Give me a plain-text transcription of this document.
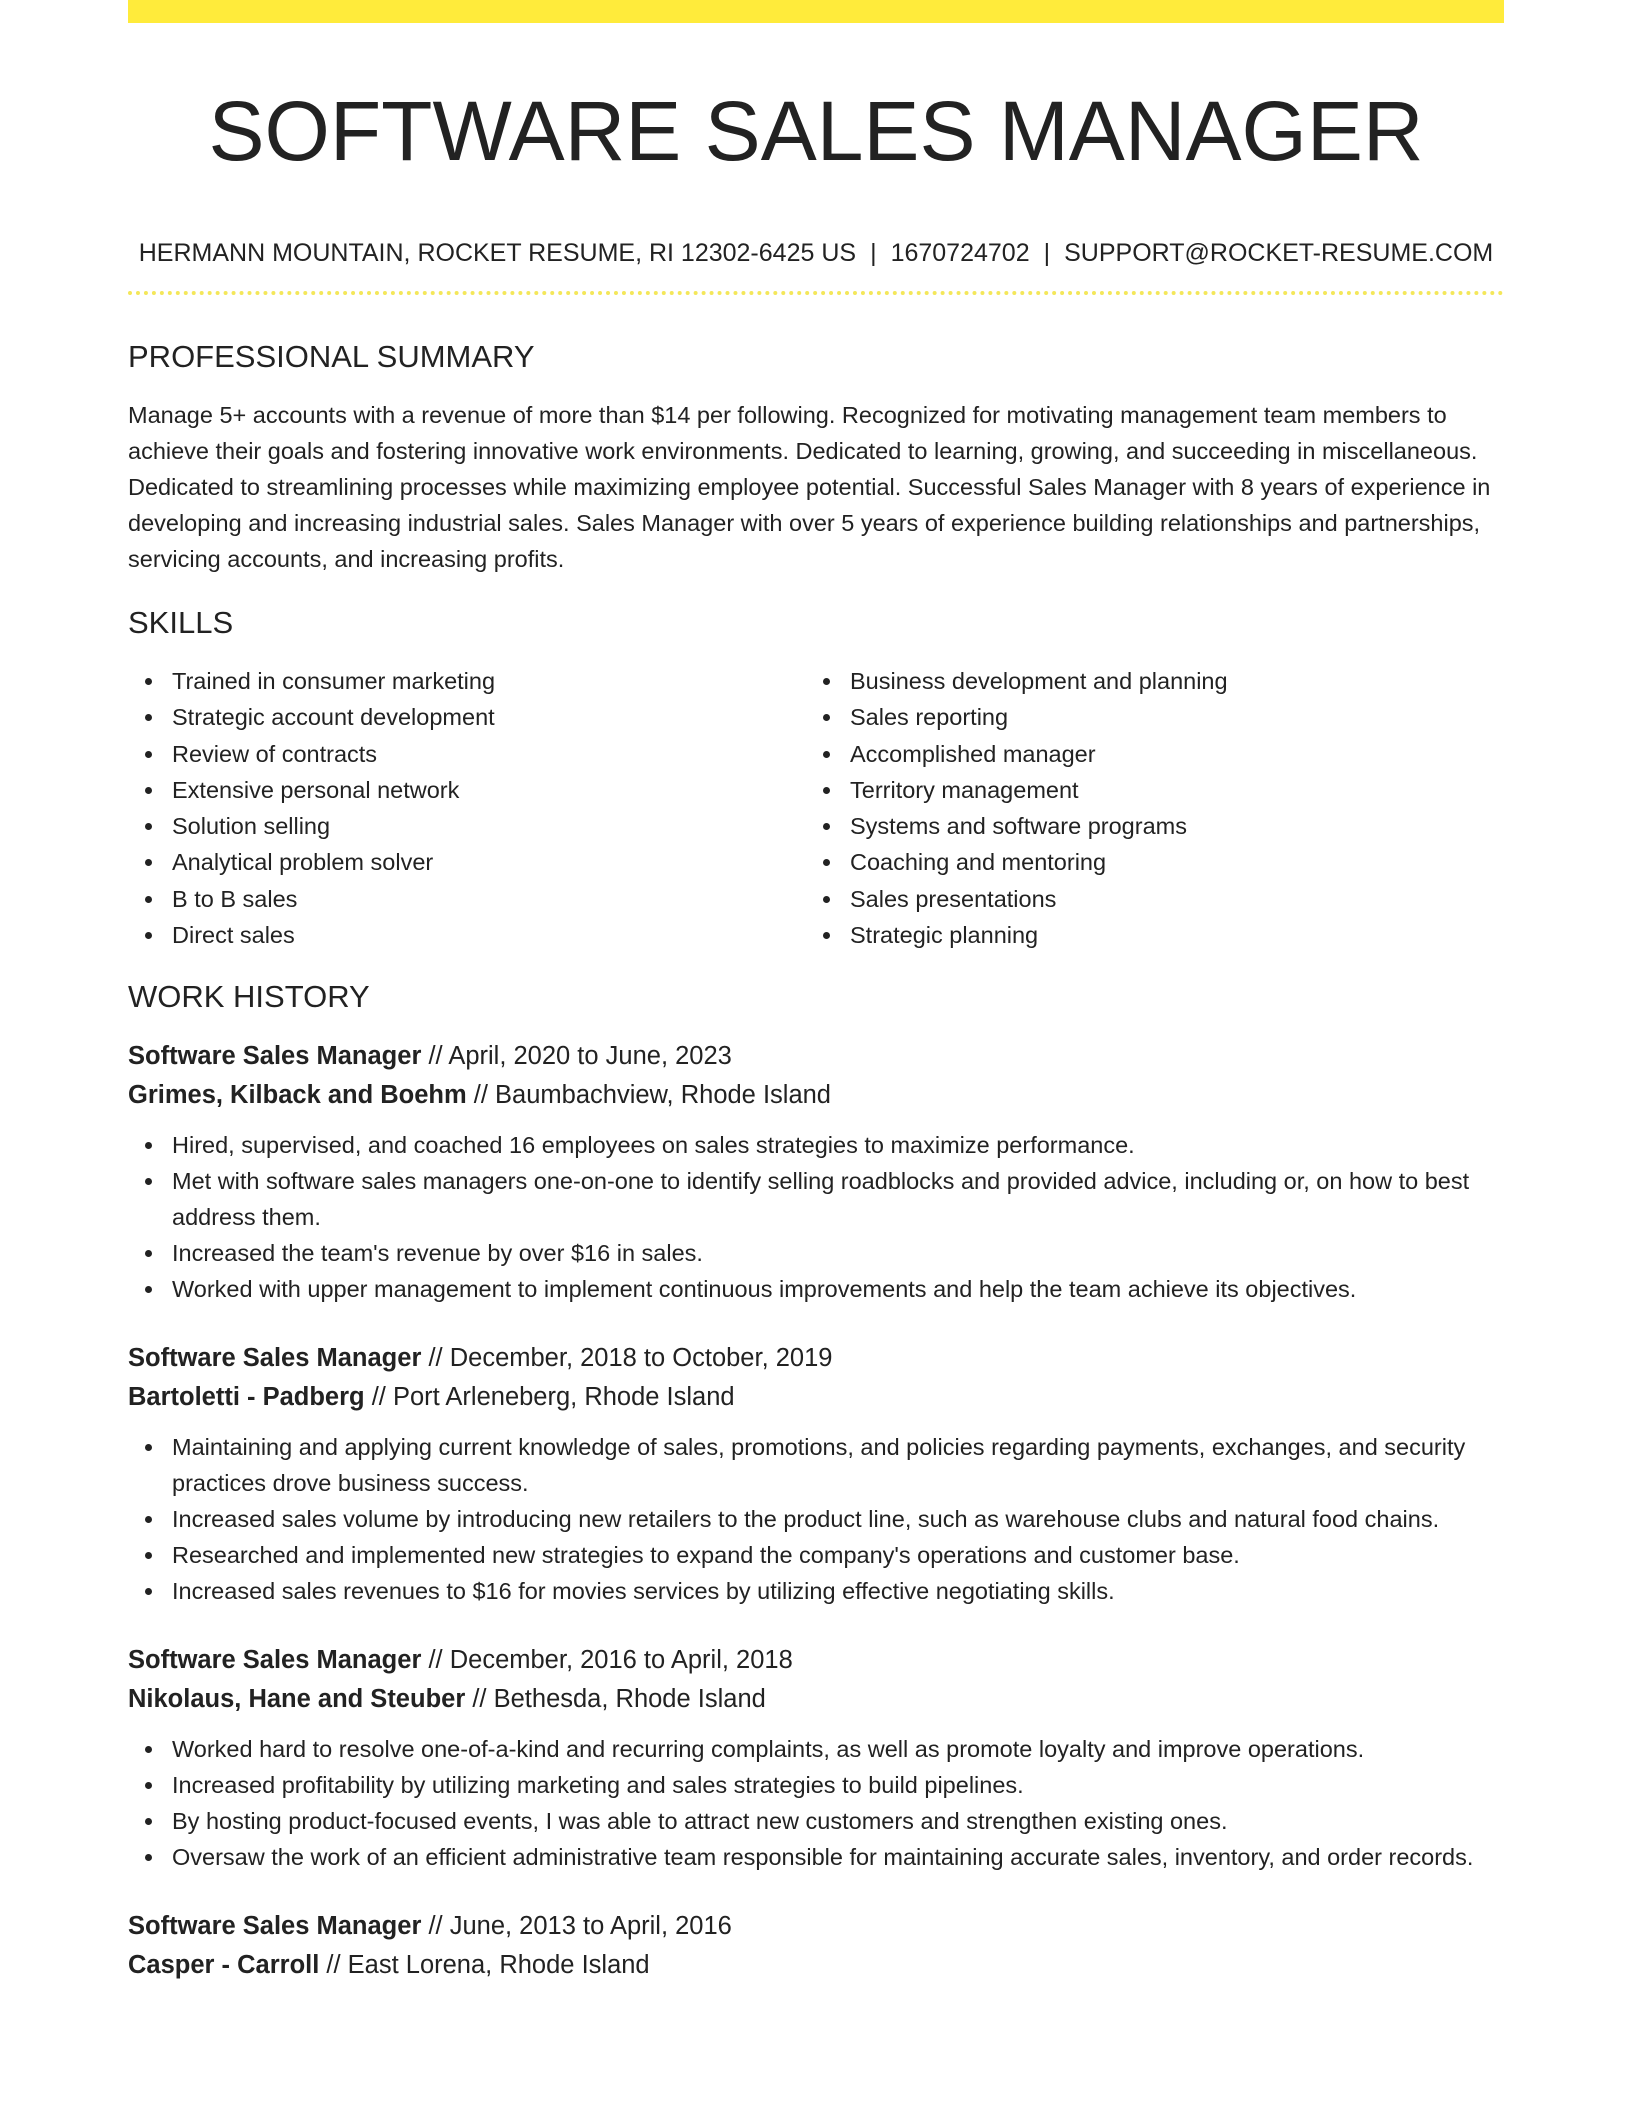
SOFTWARE SALES MANAGER
HERMANN MOUNTAIN, ROCKET RESUME, RI 12302-6425 US | 1670724702 | SUPPORT@ROCKET-RESUME.COM
PROFESSIONAL SUMMARY
Manage 5+ accounts with a revenue of more than $14 per following. Recognized for motivating management team members to achieve their goals and fostering innovative work environments. Dedicated to learning, growing, and succeeding in miscellaneous. Dedicated to streamlining processes while maximizing employee potential. Successful Sales Manager with 8 years of experience in developing and increasing industrial sales. Sales Manager with over 5 years of experience building relationships and partnerships, servicing accounts, and increasing profits.
SKILLS
Trained in consumer marketing
Strategic account development
Review of contracts
Extensive personal network
Solution selling
Analytical problem solver
B to B sales
Direct sales
Business development and planning
Sales reporting
Accomplished manager
Territory management
Systems and software programs
Coaching and mentoring
Sales presentations
Strategic planning
WORK HISTORY
Software Sales Manager // April, 2020 to June, 2023
Grimes, Kilback and Boehm // Baumbachview, Rhode Island
Hired, supervised, and coached 16 employees on sales strategies to maximize performance.
Met with software sales managers one-on-one to identify selling roadblocks and provided advice, including or, on how to best address them.
Increased the team's revenue by over $16 in sales.
Worked with upper management to implement continuous improvements and help the team achieve its objectives.
Software Sales Manager // December, 2018 to October, 2019
Bartoletti - Padberg // Port Arleneberg, Rhode Island
Maintaining and applying current knowledge of sales, promotions, and policies regarding payments, exchanges, and security practices drove business success.
Increased sales volume by introducing new retailers to the product line, such as warehouse clubs and natural food chains.
Researched and implemented new strategies to expand the company's operations and customer base.
Increased sales revenues to $16 for movies services by utilizing effective negotiating skills.
Software Sales Manager // December, 2016 to April, 2018
Nikolaus, Hane and Steuber // Bethesda, Rhode Island
Worked hard to resolve one-of-a-kind and recurring complaints, as well as promote loyalty and improve operations.
Increased profitability by utilizing marketing and sales strategies to build pipelines.
By hosting product-focused events, I was able to attract new customers and strengthen existing ones.
Oversaw the work of an efficient administrative team responsible for maintaining accurate sales, inventory, and order records.
Software Sales Manager // June, 2013 to April, 2016
Casper - Carroll // East Lorena, Rhode Island
